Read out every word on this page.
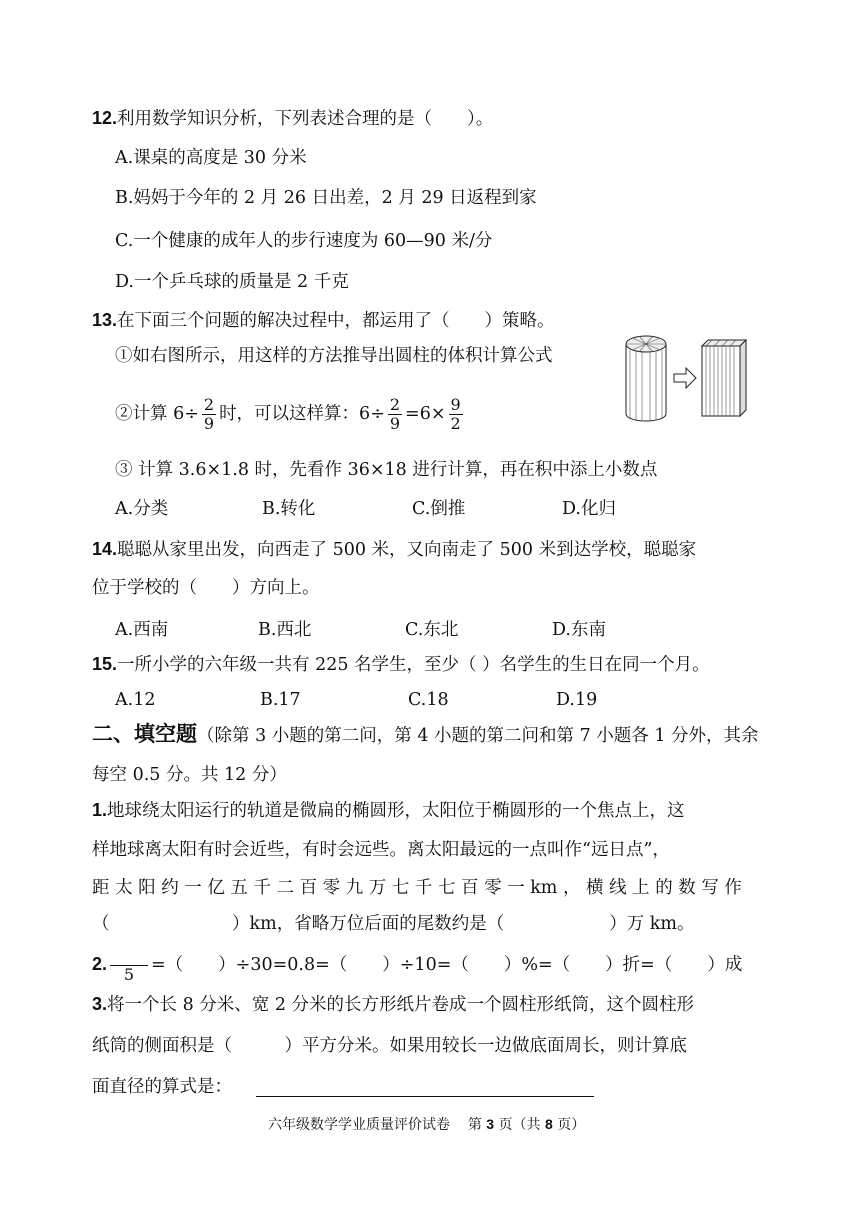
12.利用数学知识分析，下列表述合理的是（　　）。
A.课桌的高度是 30 分米
B.妈妈于今年的 2 月 26 日出差，2 月 29 日返程到家
C.一个健康的成年人的步行速度为 60—90 米/分
D.一个乒乓球的质量是 2 千克
13.在下面三个问题的解决过程中，都运用了（　　）策略。
①如右图所示，用这样的方法推导出圆柱的体积计算公式
②计算 $6\div \frac{2}{9}$ 时，可以这样算：$6\div \frac{2}{9} =6\times \frac{9}{2}$
③ 计算 3.6×1.8 时，先看作 36×18 进行计算，再在积中添上小数点
A.分类	B.转化	C.倒推	D.化归
14.聪聪从家里出发，向西走了 500 米，又向南走了 500 米到达学校，聪聪家
位于学校的（　　）方向上。
A.西南	B.西北	C.东北	D.东南
15.一所小学的六年级一共有 225 名学生，至少（ ）名学生的生日在同一个月。
A.12	B.17	C.18	D.19
二、填空题（除第 3 小题的第二问，第 4 小题的第二问和第 7 小题各 1 分外，其余
每空 0.5 分。共 12 分）
1.地球绕太阳运行的轨道是微扁的椭圆形，太阳位于椭圆形的一个焦点上，这
样地球离太阳有时会近些，有时会远些。离太阳最远的一点叫作“远日点”，
距 太 阳 约 一 亿 五 千 二 百 零 九 万 七 千 七 百 零 一 km ， 横 线 上 的 数 写 作
（　　　　　　　）km，省略万位后面的尾数约是（　　　　　　）万 km。
2.
5 =（　　）÷30=0.8=（　　）÷10=（　　）%=（　　）折=（　　）成
3.将一个长 8 分米、宽 2 分米的长方形纸片卷成一个圆柱形纸筒，这个圆柱形
纸筒的侧面积是（　　　）平方分米。如果用较长一边做底面周长，则计算底
面直径的算式是：
六年级数学学业质量评价试卷 第 3 页（共 8 页）
